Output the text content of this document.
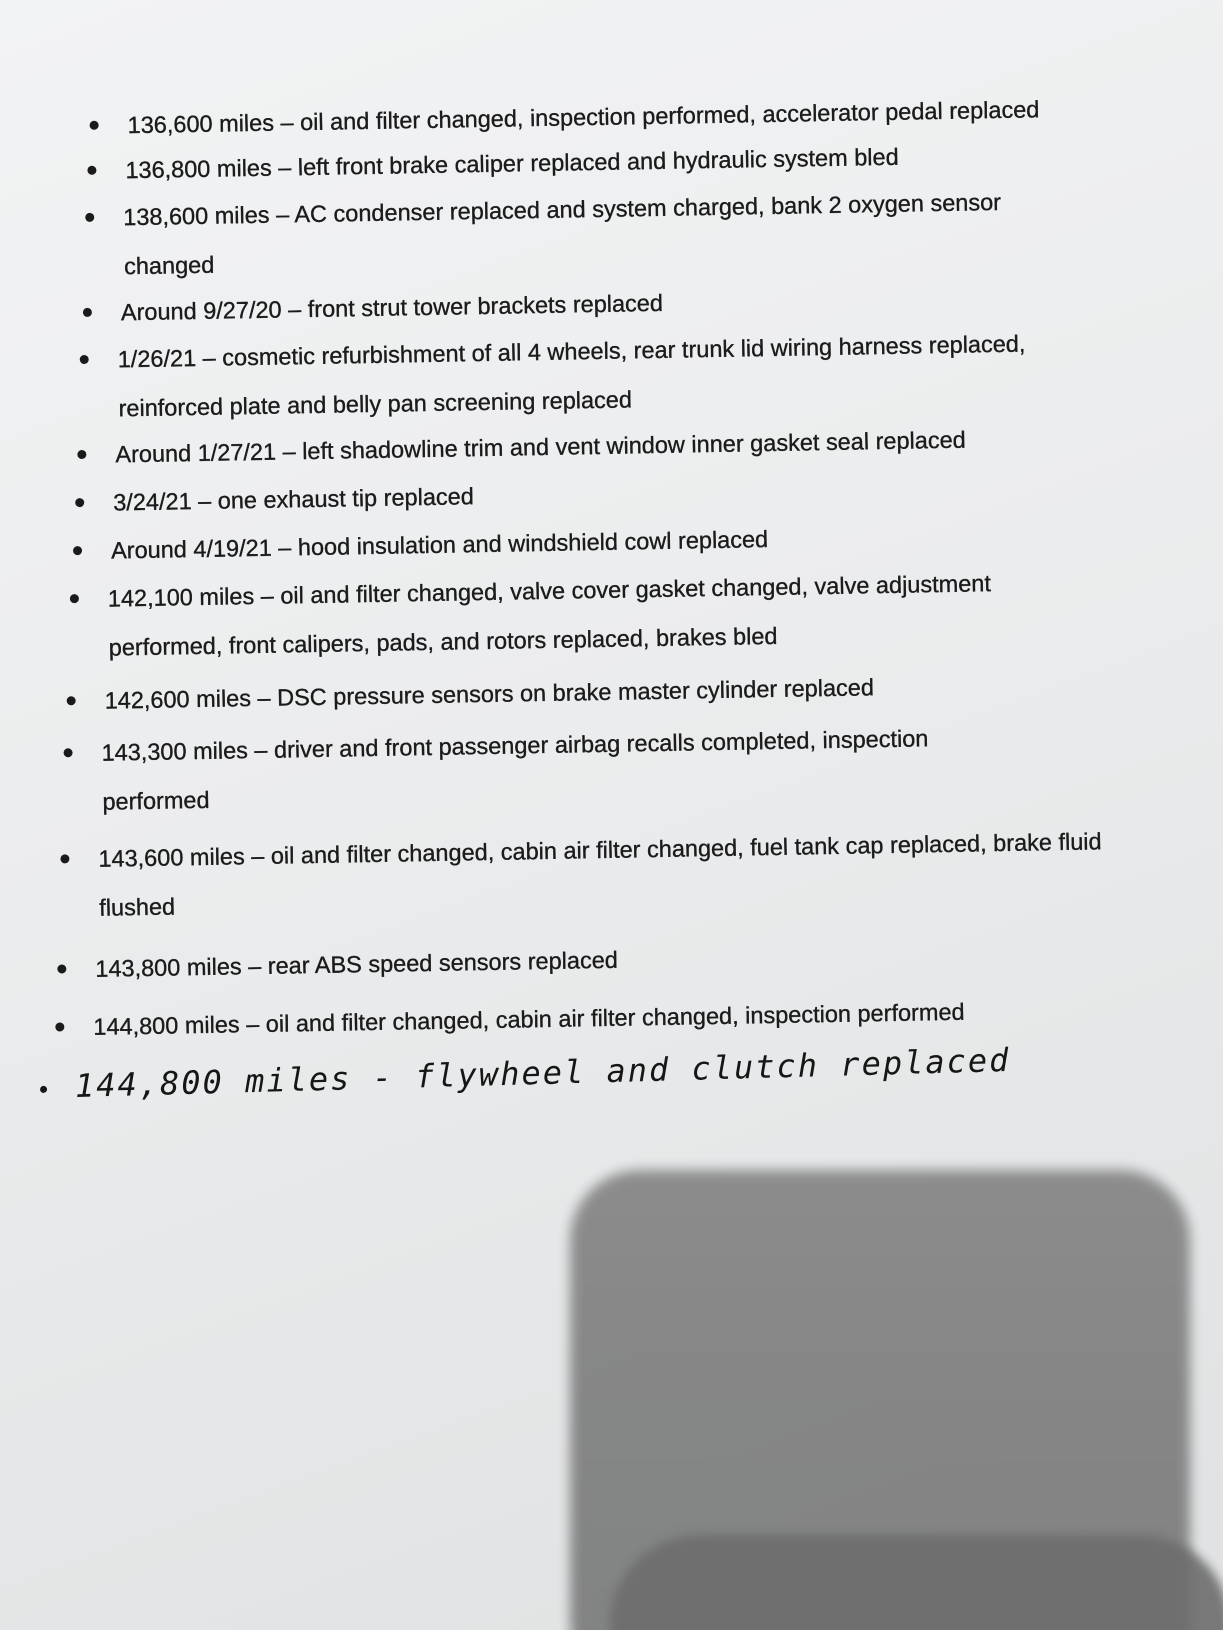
136,600 miles – oil and filter changed, inspection performed, accelerator pedal replaced
136,800 miles – left front brake caliper replaced and hydraulic system bled
138,600 miles – AC condenser replaced and system charged, bank 2 oxygen sensor changed
Around 9/27/20 – front strut tower brackets replaced
1/26/21 – cosmetic refurbishment of all 4 wheels, rear trunk lid wiring harness replaced, reinforced plate and belly pan screening replaced
Around 1/27/21 – left shadowline trim and vent window inner gasket seal replaced
3/24/21 – one exhaust tip replaced
Around 4/19/21 – hood insulation and windshield cowl replaced
142,100 miles – oil and filter changed, valve cover gasket changed, valve adjustment performed, front calipers, pads, and rotors replaced, brakes bled
142,600 miles – DSC pressure sensors on brake master cylinder replaced
143,300 miles – driver and front passenger airbag recalls completed, inspection performed
143,600 miles – oil and filter changed, cabin air filter changed, fuel tank cap replaced, brake fluid flushed
143,800 miles – rear ABS speed sensors replaced
144,800 miles – oil and filter changed, cabin air filter changed, inspection performed
144,800 miles - flywheel and clutch replaced
